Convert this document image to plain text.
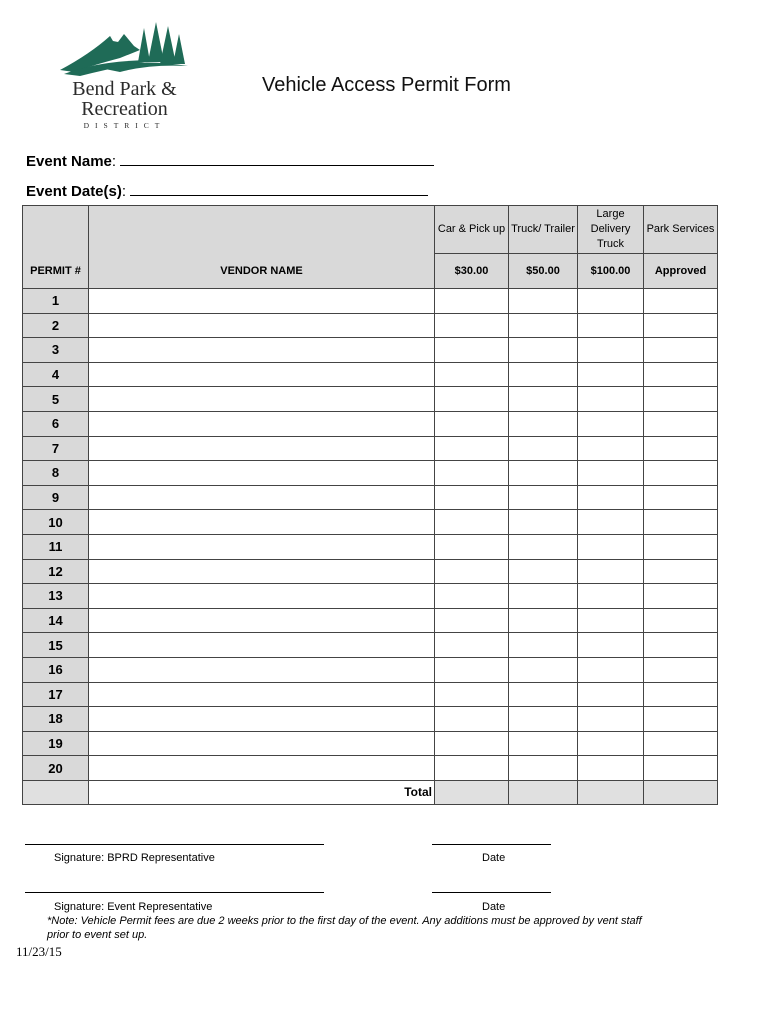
Bend Park &
Recreation
DISTRICT
Vehicle Access Permit Form
Event Name:
Event Date(s):
		Car & Pick up	Truck/ Trailer	Large Delivery Truck	Park Services
PERMIT #	VENDOR NAME	$30.00	$50.00	$100.00	Approved
1					
2					
3					
4					
5					
6					
7					
8					
9					
10					
11					
12					
13					
14					
15					
16					
17					
18					
19					
20					
	Total				
Signature: BPRD Representative	Date
Signature: Event Representative	Date
*Note: Vehicle Permit fees are due 2 weeks prior to the first day of the event. Any additions must be approved by vent staff prior to event set up.
11/23/15
